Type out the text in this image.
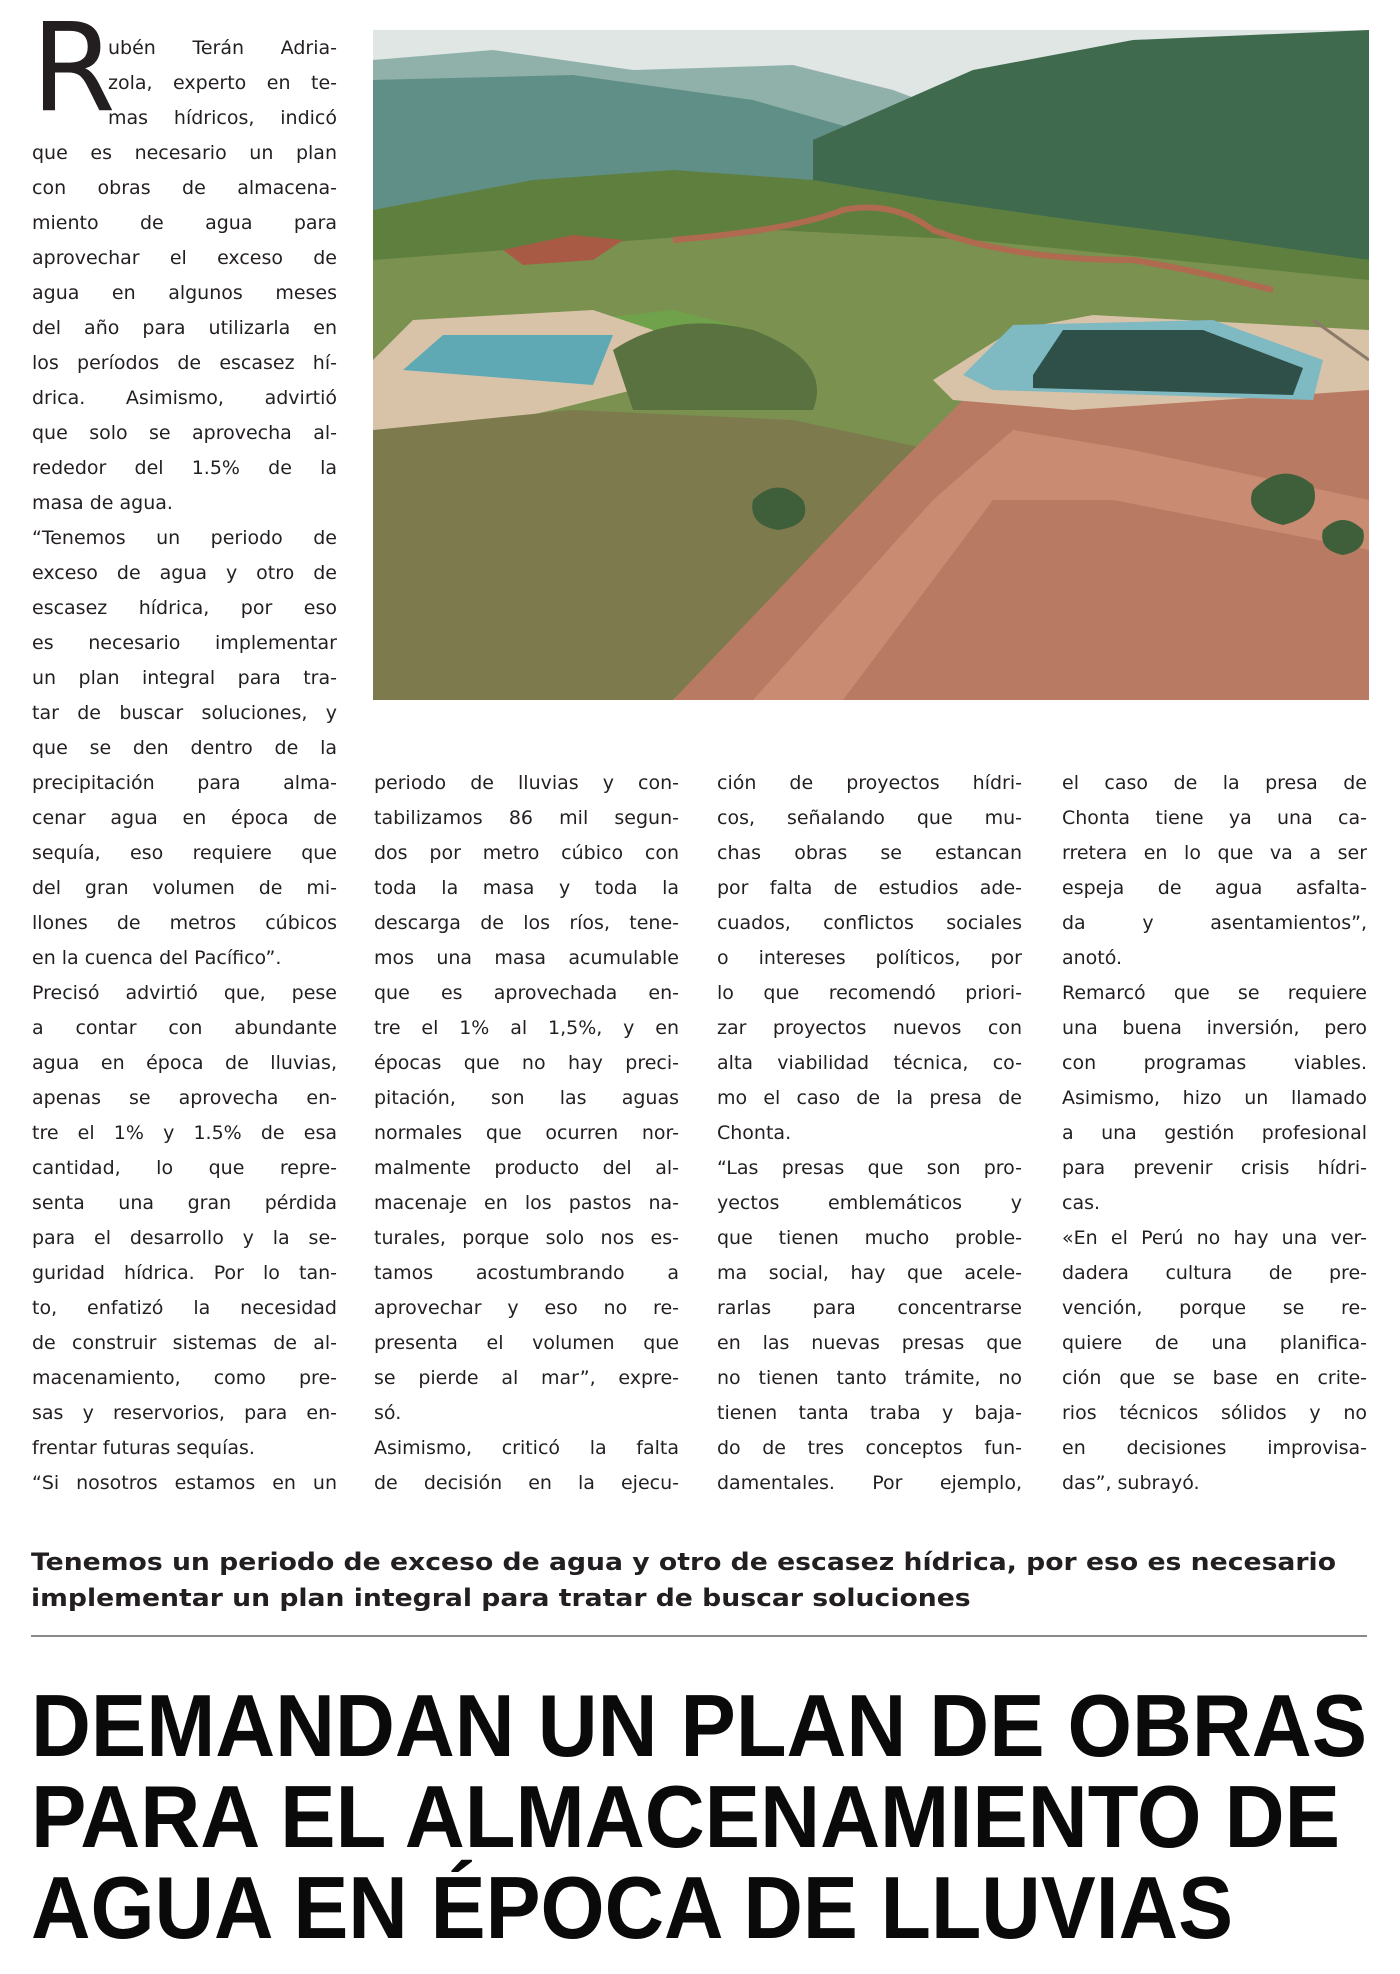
R
ubén Terán Adria-
zola, experto en te-
mas hídricos, indicó
que es necesario un plan
con obras de almacena-
miento de agua para
aprovechar el exceso de
agua en algunos meses
del año para utilizarla en
los períodos de escasez hí-
drica. Asimismo, advirtió
que solo se aprovecha al-
rededor del 1.5% de la
masa de agua.
“Tenemos un periodo de
exceso de agua y otro de
escasez hídrica, por eso
es necesario implementar
un plan integral para tra-
tar de buscar soluciones, y
que se den dentro de la
precipitación para alma-
cenar agua en época de
sequía, eso requiere que
del gran volumen de mi-
llones de metros cúbicos
en la cuenca del Pacífico”.
Precisó advirtió que, pese
a contar con abundante
agua en época de lluvias,
apenas se aprovecha en-
tre el 1% y 1.5% de esa
cantidad, lo que repre-
senta una gran pérdida
para el desarrollo y la se-
guridad hídrica. Por lo tan-
to, enfatizó la necesidad
de construir sistemas de al-
macenamiento, como pre-
sas y reservorios, para en-
frentar futuras sequías.
“Si nosotros estamos en un
periodo de lluvias y con-
tabilizamos 86 mil segun-
dos por metro cúbico con
toda la masa y toda la
descarga de los ríos, tene-
mos una masa acumulable
que es aprovechada en-
tre el 1% al 1,5%, y en
épocas que no hay preci-
pitación, son las aguas
normales que ocurren nor-
malmente producto del al-
macenaje en los pastos na-
turales, porque solo nos es-
tamos acostumbrando a
aprovechar y eso no re-
presenta el volumen que
se pierde al mar”, expre-
só.
Asimismo, criticó la falta
de decisión en la ejecu-
ción de proyectos hídri-
cos, señalando que mu-
chas obras se estancan
por falta de estudios ade-
cuados, conflictos sociales
o intereses políticos, por
lo que recomendó priori-
zar proyectos nuevos con
alta viabilidad técnica, co-
mo el caso de la presa de
Chonta.
“Las presas que son pro-
yectos emblemáticos y
que tienen mucho proble-
ma social, hay que acele-
rarlas para concentrarse
en las nuevas presas que
no tienen tanto trámite, no
tienen tanta traba y baja-
do de tres conceptos fun-
damentales. Por ejemplo,
el caso de la presa de
Chonta tiene ya una ca-
rretera en lo que va a ser
espeja de agua asfalta-
da y asentamientos”,
anotó.
Remarcó que se requiere
una buena inversión, pero
con programas viables.
Asimismo, hizo un llamado
a una gestión profesional
para prevenir crisis hídri-
cas.
«En el Perú no hay una ver-
dadera cultura de pre-
vención, porque se re-
quiere de una planifica-
ción que se base en crite-
rios técnicos sólidos y no
en decisiones improvisa-
das”, subrayó.
Tenemos un periodo de exceso de agua y otro de escasez hídrica, por eso es necesario
implementar un plan integral para tratar de buscar soluciones
DEMANDAN UN PLAN DE OBRAS
PARA EL ALMACENAMIENTO DE
AGUA EN ÉPOCA DE LLUVIAS
